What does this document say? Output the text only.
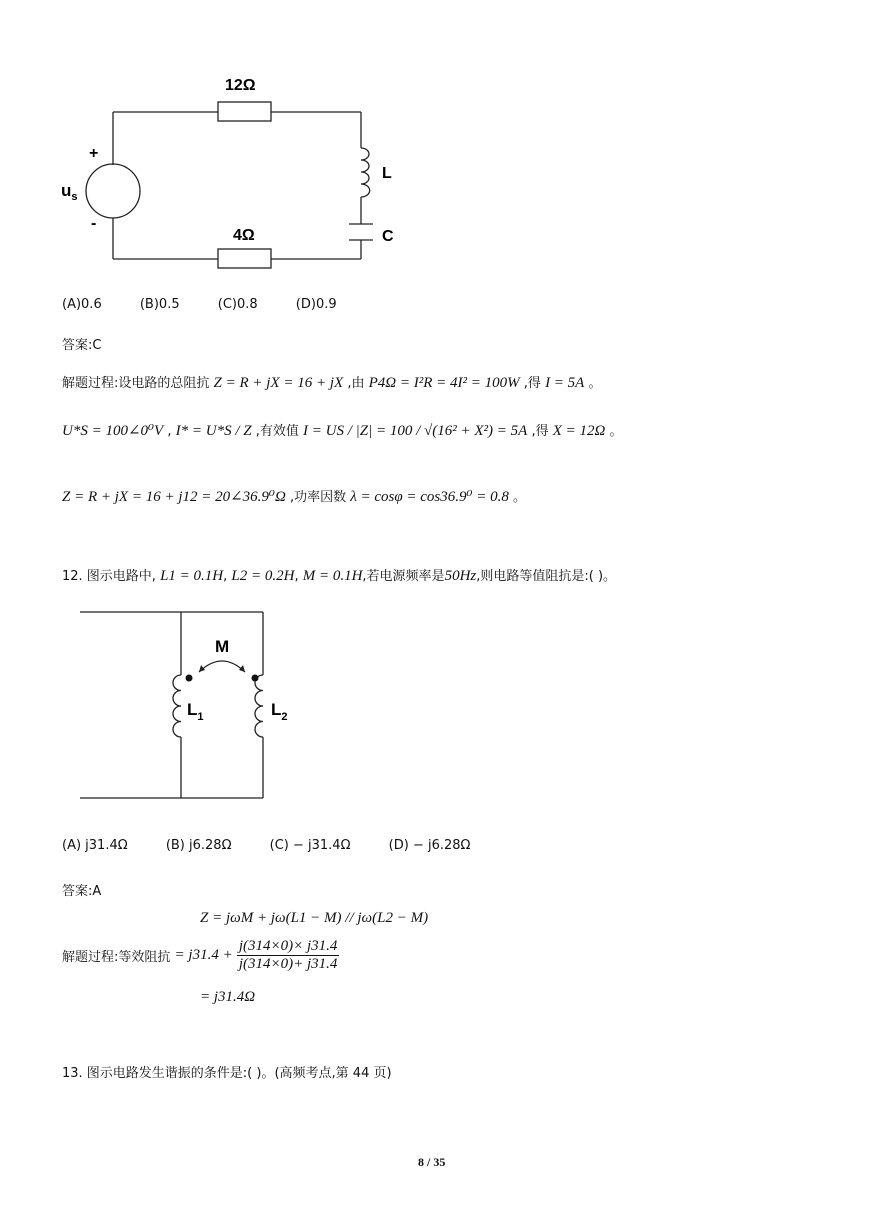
12Ω
4Ω
+
-
$u_s$
L
C
(A)0.6	(B)0.5	(C)0.8	(D)0.9
答案:C
解题过程:设电路的总阻抗 Z = R + jX = 16 + jX ,由 P4Ω = I²R = 4I² = 100W ,得 I = 5A 。
U*S = 100∠0⁰V , I* = U*S / Z ,有效值 I = US / |Z| = 100 / √(16² + X²) = 5A ,得 X = 12Ω 。
Z = R + jX = 16 + j12 = 20∠36.9⁰Ω ,功率因数 λ = cosφ = cos36.9⁰ = 0.8 。
12. 图示电路中, L1 = 0.1H, L2 = 0.2H, M = 0.1H,若电源频率是50Hz,则电路等值阻抗是:( )。
M
$L_1$	$L_2$
(A) j31.4Ω	(B) j6.28Ω	(C) − j31.4Ω	(D) − j6.28Ω
答案:A
Z = jωM + jω(L1 − M) // jω(L2 − M)
解题过程:等效阻抗 = $j31.4 + \frac{j(314\times 0)\times j31.4}{j(314\times 0)+ j31.4}$
= j31.4Ω
13. 图示电路发生谐振的条件是:( )。(高频考点,第 44 页)
8 / 35
